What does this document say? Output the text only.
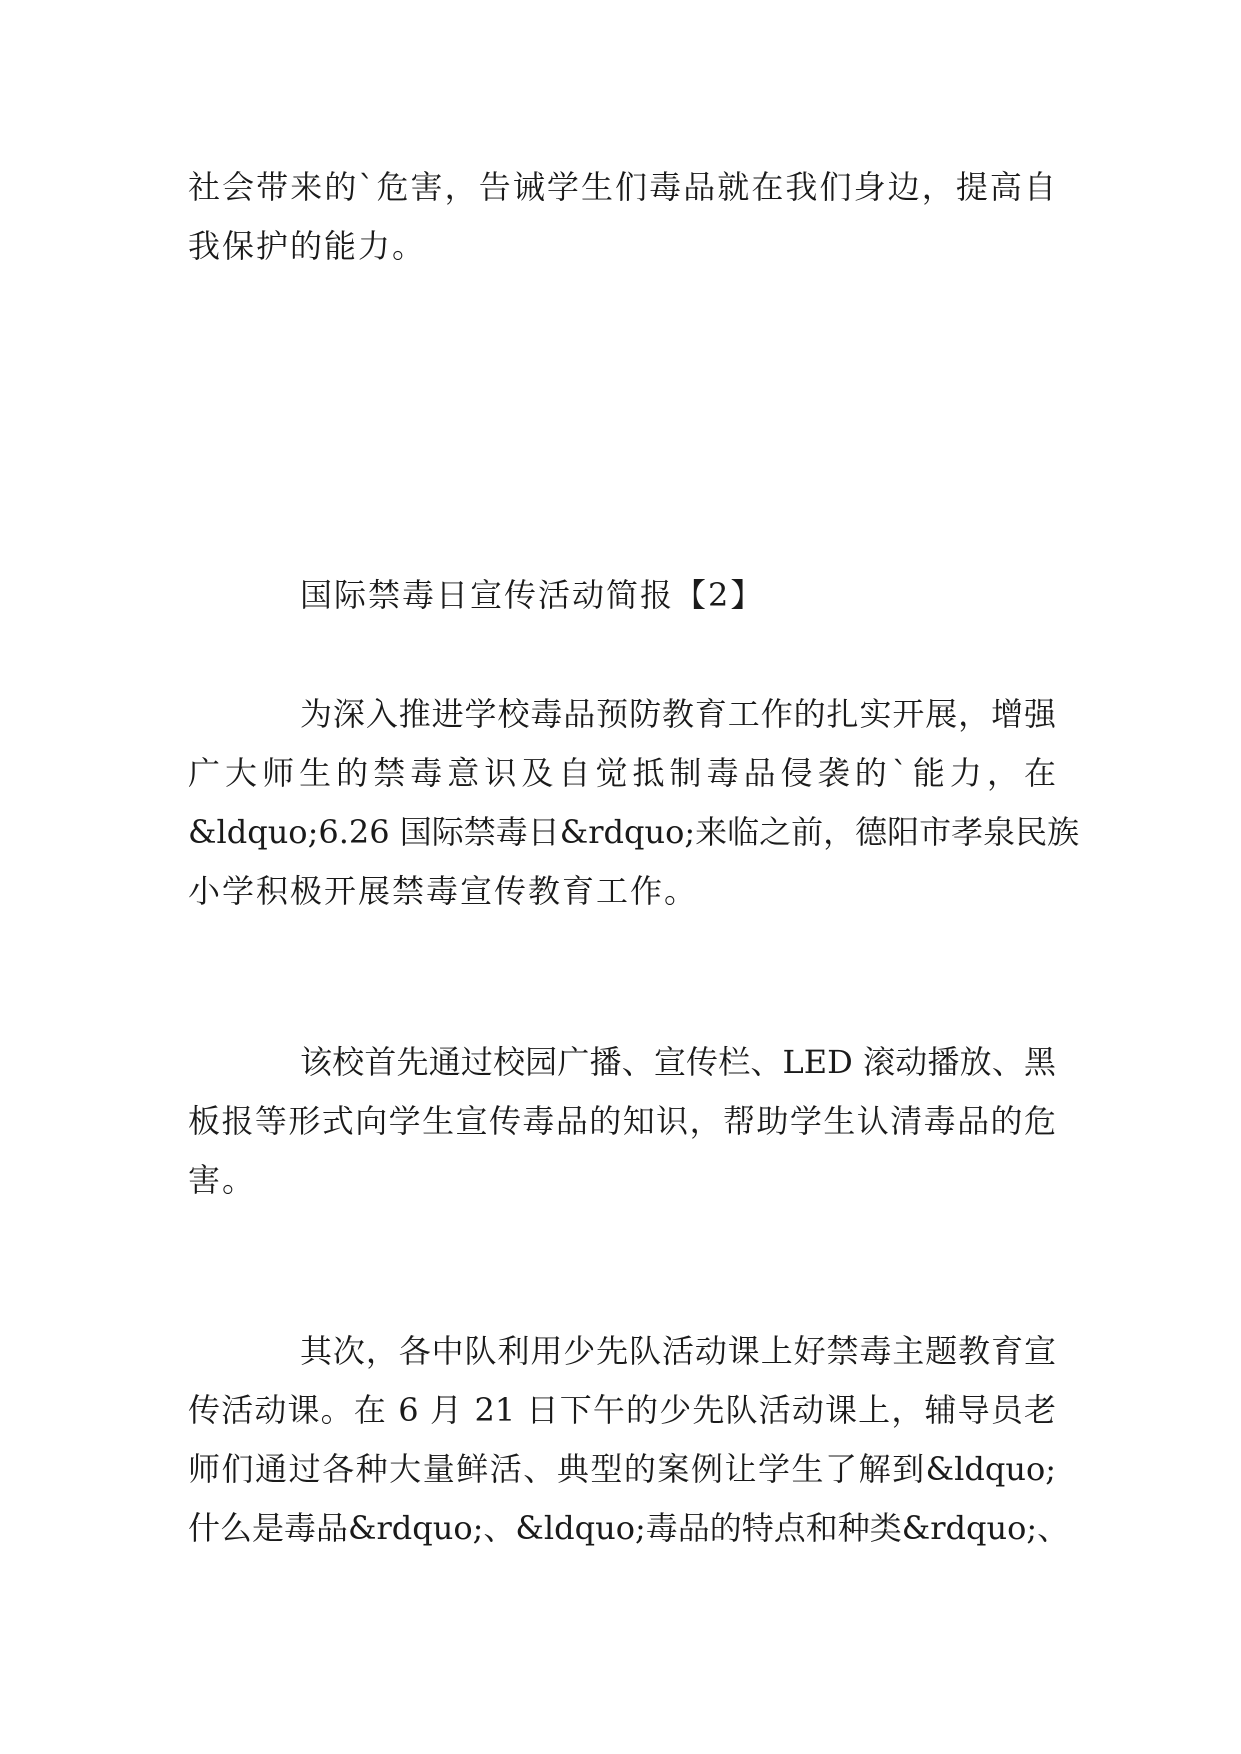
社会带来的`危害，告诫学生们毒品就在我们身边，提高自
我保护的能力。
国际禁毒日宣传活动简报【2】
为深入推进学校毒品预防教育工作的扎实开展，增强
广大师生的禁毒意识及自觉抵制毒品侵袭的`能力，在
&ldquo;6.26 国际禁毒日&rdquo;来临之前，德阳市孝泉民族
小学积极开展禁毒宣传教育工作。
该校首先通过校园广播、宣传栏、LED 滚动播放、黑
板报等形式向学生宣传毒品的知识，帮助学生认清毒品的危
害。
其次，各中队利用少先队活动课上好禁毒主题教育宣
传活动课。在 6 月 21 日下午的少先队活动课上，辅导员老
师们通过各种大量鲜活、典型的案例让学生了解到&ldquo;
什么是毒品&rdquo;、&ldquo;毒品的特点和种类&rdquo;、
